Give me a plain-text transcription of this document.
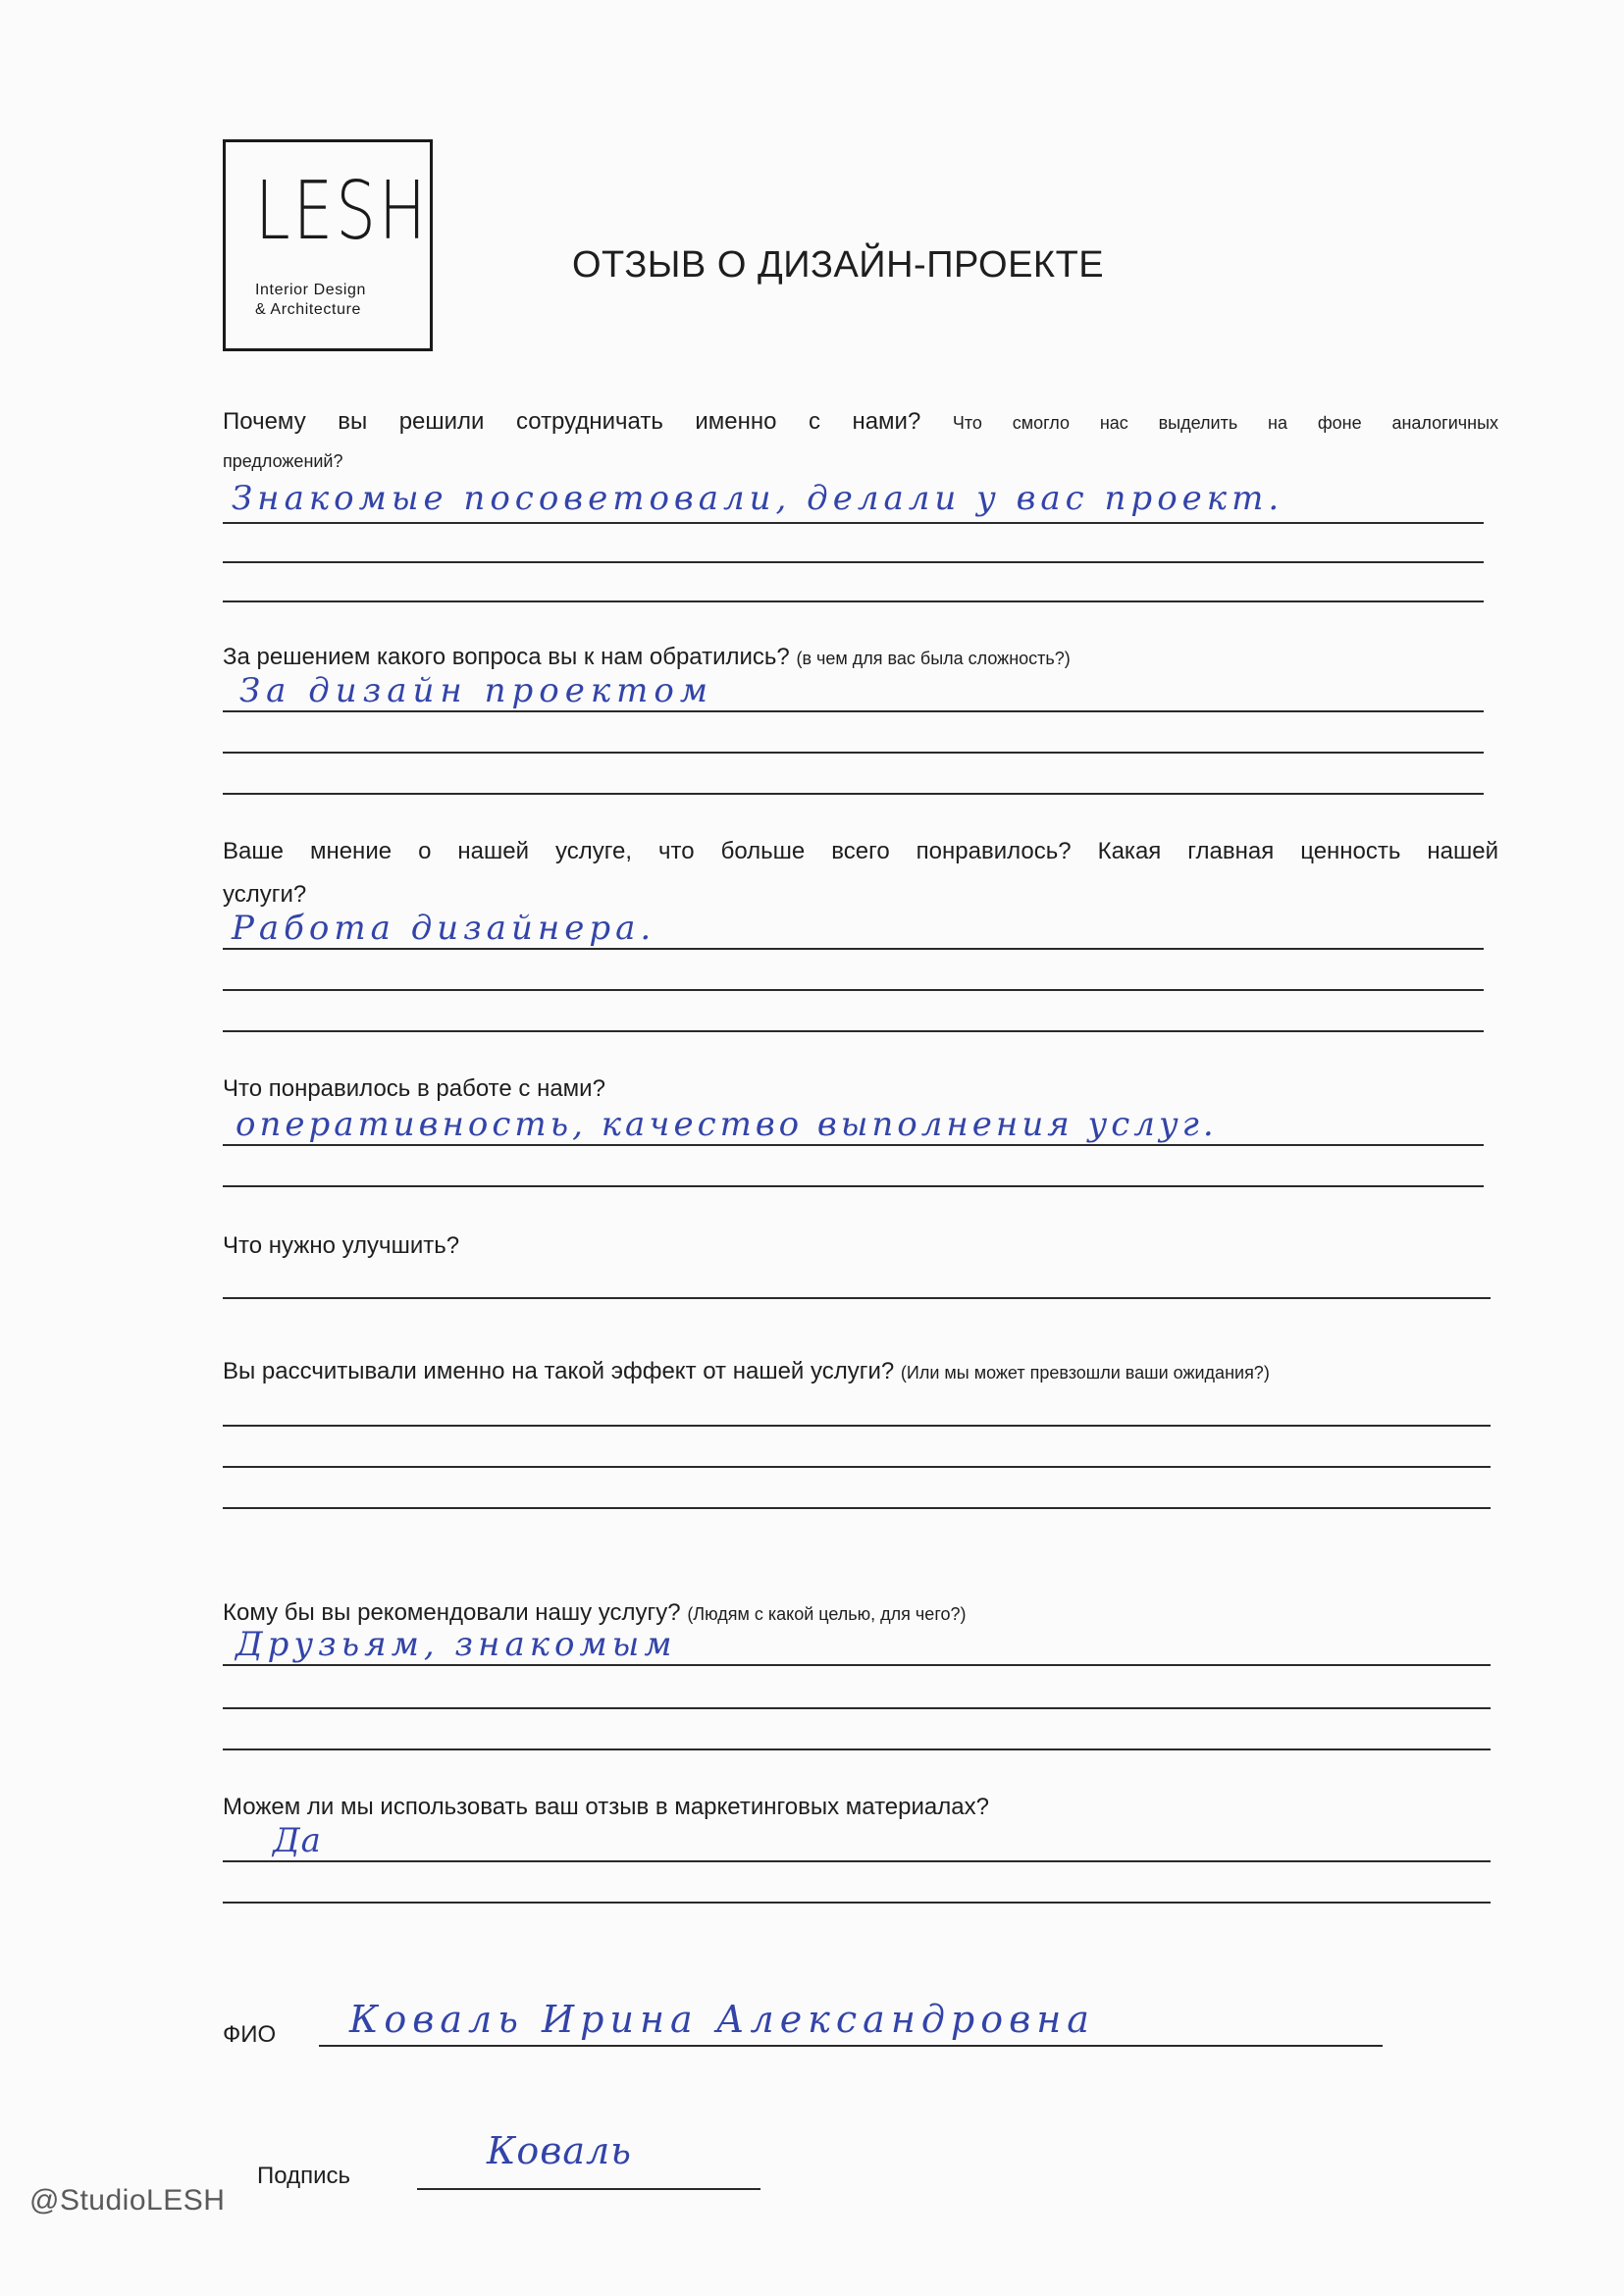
LESH
Interior Design
& Architecture
ОТЗЫВ О ДИЗАЙН-ПРОЕКТЕ
Почему вы решили сотрудничать именно с нами? Что смогло нас выделить на фоне аналогичных
предложений?
Знакомые посоветовали, делали у вас проект.
За решением какого вопроса вы к нам обратились? (в чем для вас была сложность?)
За дизайн проектом
Ваше мнение о нашей услуге, что больше всего понравилось? Какая главная ценность нашей
услуги?
Работа дизайнера.
Что понравилось в работе с нами?
оперативность, качество выполнения услуг.
Что нужно улучшить?
Вы рассчитывали именно на такой эффект от нашей услуги? (Или мы может превзошли ваши ожидания?)
Кому бы вы рекомендовали нашу услугу? (Людям с какой целью, для чего?)
Друзьям, знакомым
Можем ли мы использовать ваш отзыв в маркетинговых материалах?
Да
ФИО Коваль Ирина Александровна
Подпись
Коваль
@StudioLESH
